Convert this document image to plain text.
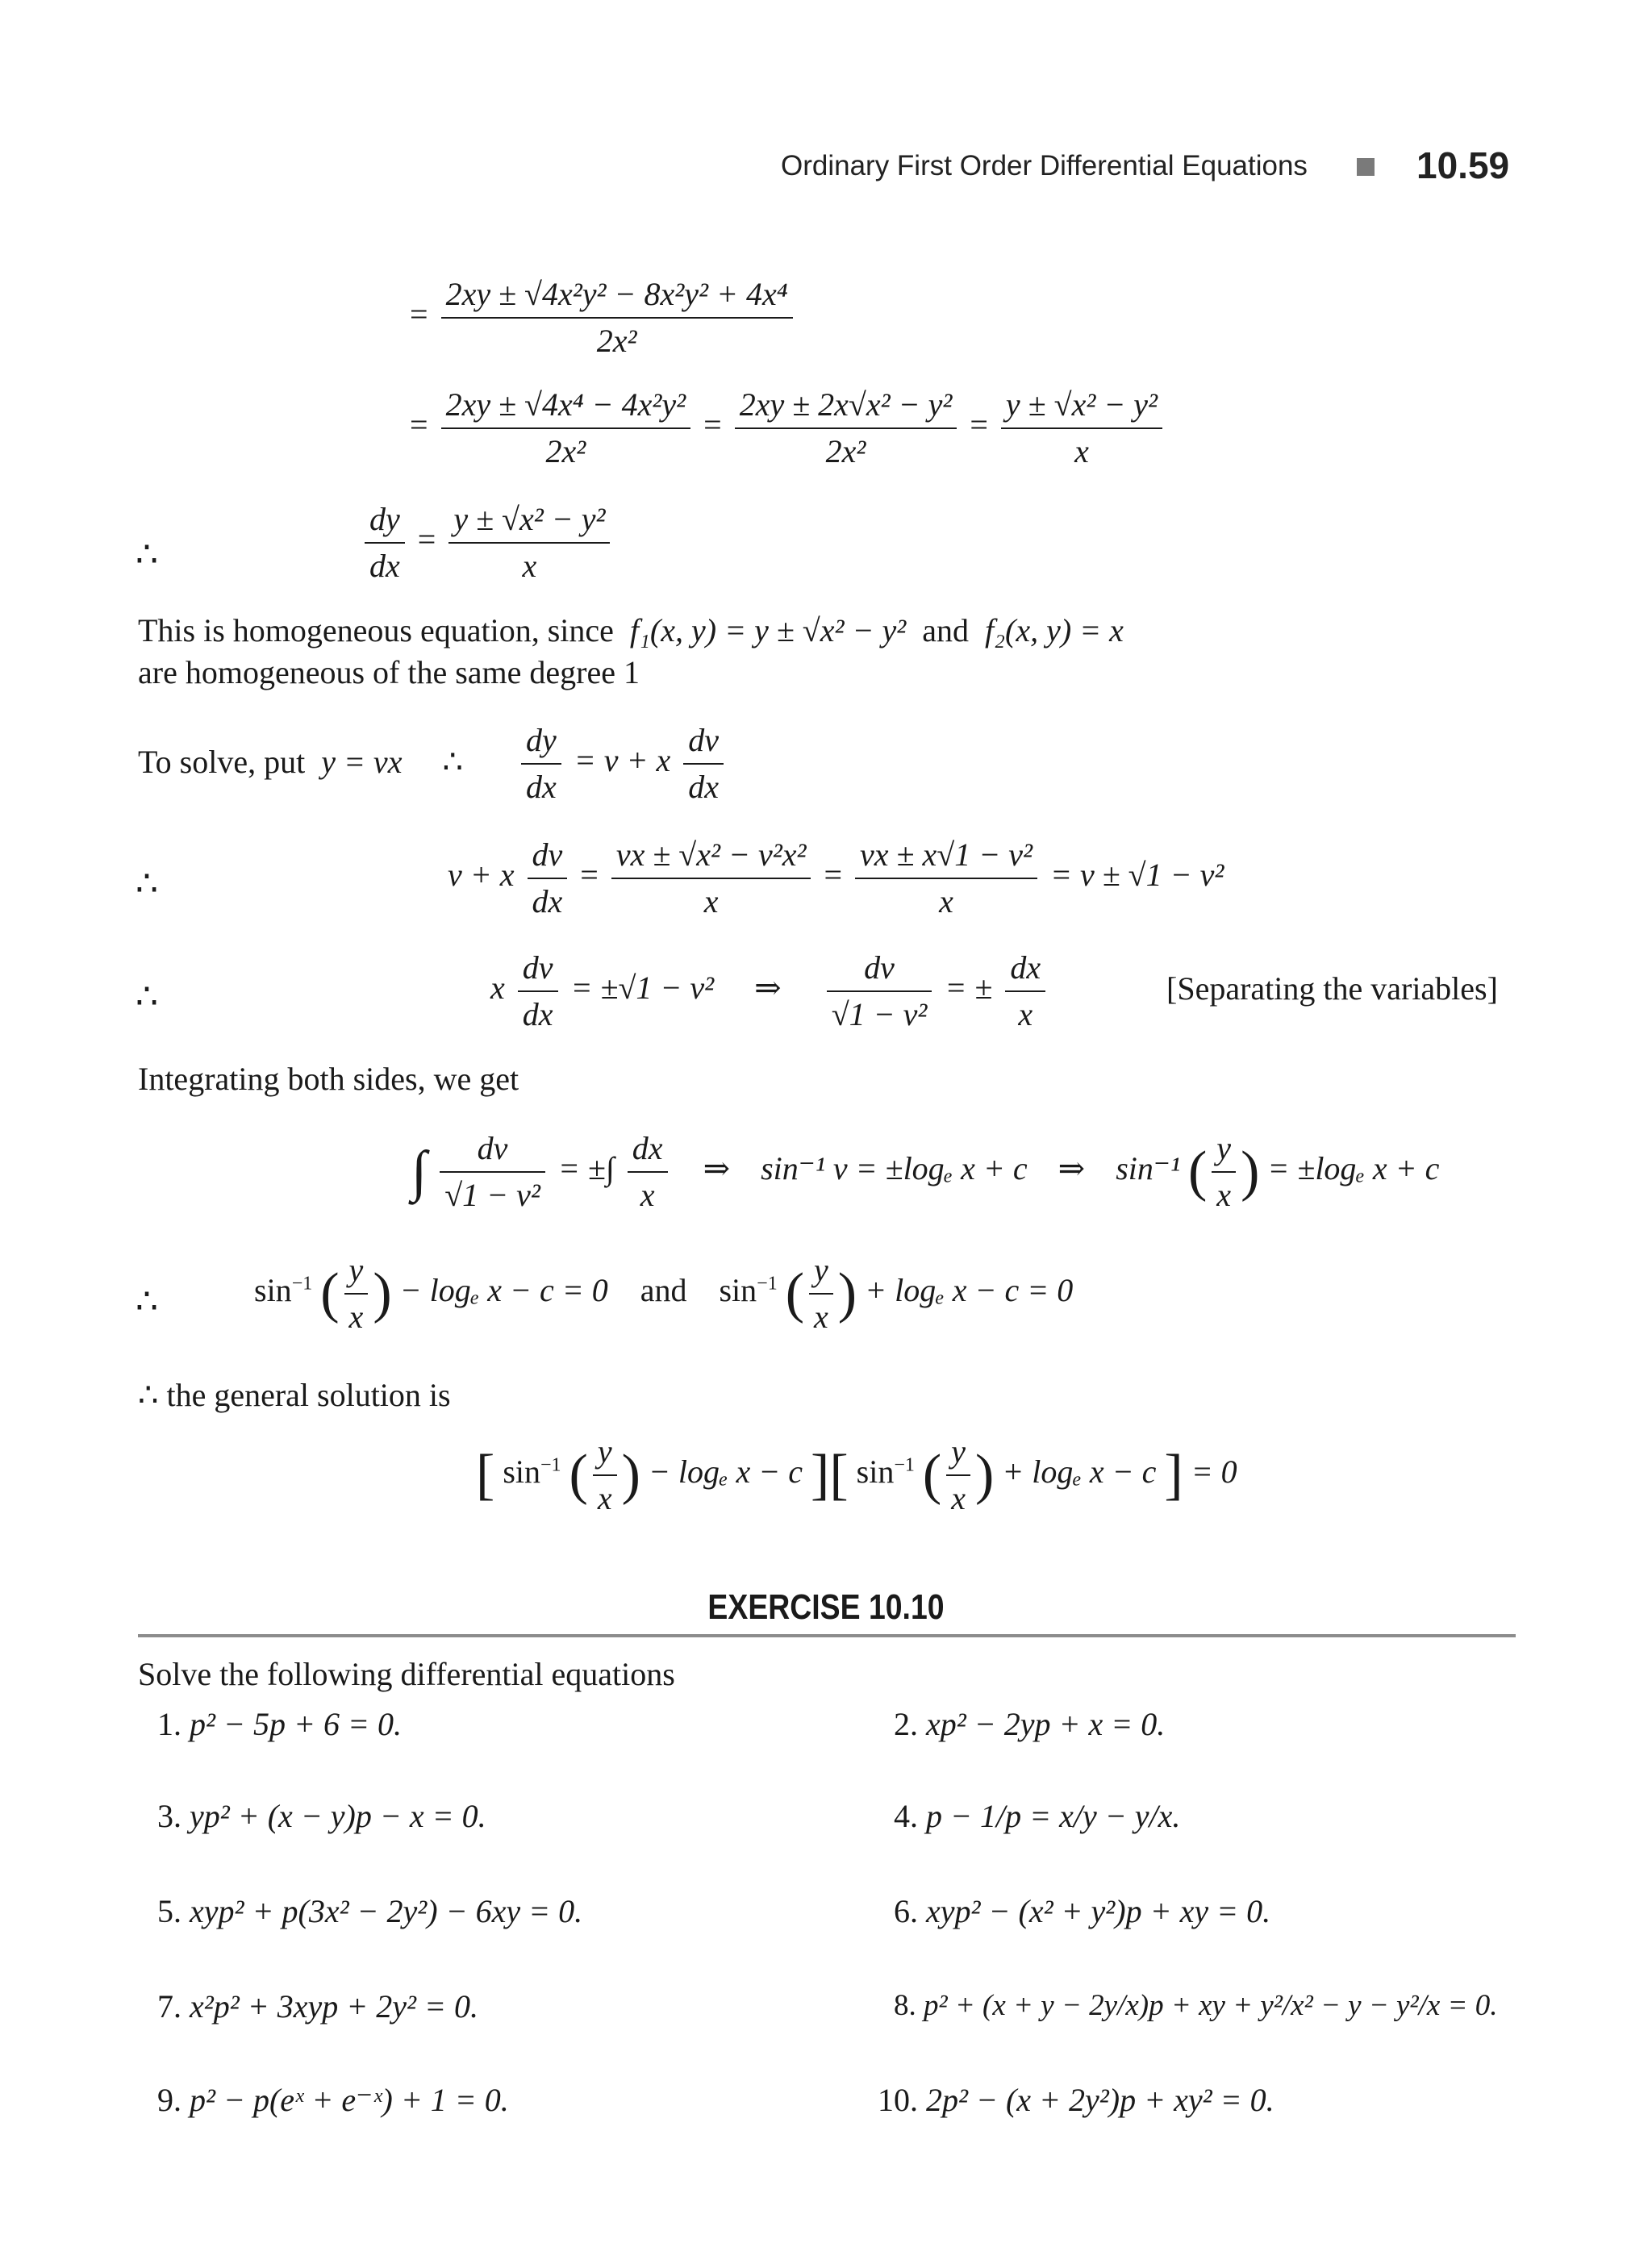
Ordinary First Order Differential Equations	10.59
= $\frac{\text{2xy ± √4x²y² − 8x²y² + 4x⁴}}{\text{2x²}}$
= $\frac{\text{2xy ± √4x⁴ − 4x²y²}}{\text{2x²}} = \frac{\text{2xy ± 2x√x² − y²}}{\text{2x²}} = \frac{\text{y ± √x² − y²}}{x}$
∴	$\frac{dy}{dx} = \frac{\text{y ± √x² − y²}}{x}$
This is homogeneous equation, since f₁(x, y) = y ± √x² − y² and f₂(x, y) = x
are homogeneous of the same degree 1
To solve, put y = vx ∴ $\frac{dy}{dx} = v + x \frac{dv}{dx}$
∴	v + x $\frac{dv}{dx} = \frac{\text{vx ± √x² − v²x²}}{x} = \frac{\text{vx ± x√1 − v²}}{x} = v \pm √1 - v^2$
∴	x $\frac{dv}{dx} = \pm√1 - v^2$ ⇒ $\frac{dv}{\text{√1 − v²}}$ = ± $\frac{dx}{x}$	[Separating the variables]
Integrating both sides, we get
∫ $\frac{dv}{\text{√1 − v²}}$ = ±∫ $\frac{dx}{x}$ ⇒ sin⁻¹ v = ±logₑ x + c ⇒ sin⁻¹ ( $\frac{y}{x}$ ) = ±logₑ x + c
∴	$\sin^{-1}$ ( $\frac{y}{x}$ ) − logₑ x − c = 0 and $\sin^{-1}$ ( $\frac{y}{x}$ ) + logₑ x − c = 0
∴ the general solution is
[ $\sin^{-1}$ ( $\frac{y}{x}$ ) − logₑ x − c ][ $\sin^{-1}$ ( $\frac{y}{x}$ ) + logₑ x − c ] = 0
EXERCISE 10.10
Solve the following differential equations
1. p² − 5p + 6 = 0.	2. xp² − 2yp + x = 0.
3. yp² + (x − y)p − x = 0.	4. p − 1/p = x/y − y/x.
5. xyp² + p(3x² − 2y²) − 6xy = 0.	6. xyp² − (x² + y²)p + xy = 0.
7. x²p² + 3xyp + 2y² = 0.	8. p² + (x + y − 2y/x)p + xy + y²/x² − y − y²/x = 0.
9. p² − p(eˣ + e⁻ˣ) + 1 = 0.	10. 2p² − (x + 2y²)p + xy² = 0.
